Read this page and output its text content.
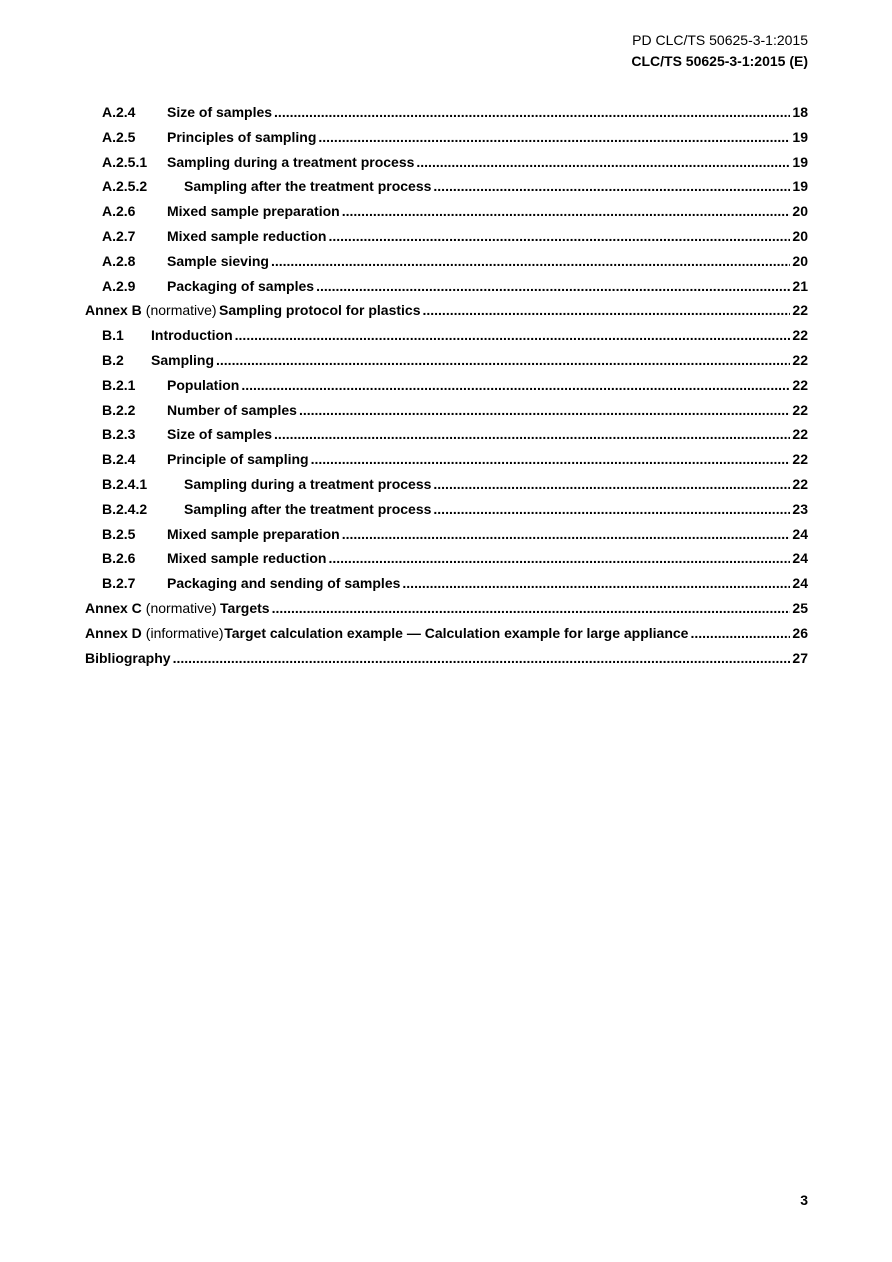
PD CLC/TS 50625-3-1:2015
CLC/TS 50625-3-1:2015 (E)
A.2.4	Size of samples .....	18
A.2.5	Principles of sampling .....	19
A.2.5.1	Sampling during a treatment process .....	19
A.2.5.2	Sampling after the treatment process .....	19
A.2.6	Mixed sample preparation .....	20
A.2.7	Mixed sample reduction .....	20
A.2.8	Sample sieving .....	20
A.2.9	Packaging of samples .....	21
Annex B (normative) Sampling protocol for plastics .....	22
B.1	Introduction .....	22
B.2	Sampling .....	22
B.2.1	Population .....	22
B.2.2	Number of samples .....	22
B.2.3	Size of samples .....	22
B.2.4	Principle of sampling .....	22
B.2.4.1	Sampling during a treatment process .....	22
B.2.4.2	Sampling after the treatment process .....	23
B.2.5	Mixed sample preparation .....	24
B.2.6	Mixed sample reduction .....	24
B.2.7	Packaging and sending of samples .....	24
Annex C (normative) Targets .....	25
Annex D (informative) Target calculation example — Calculation example for large appliance .....	26
Bibliography .....	27
3
